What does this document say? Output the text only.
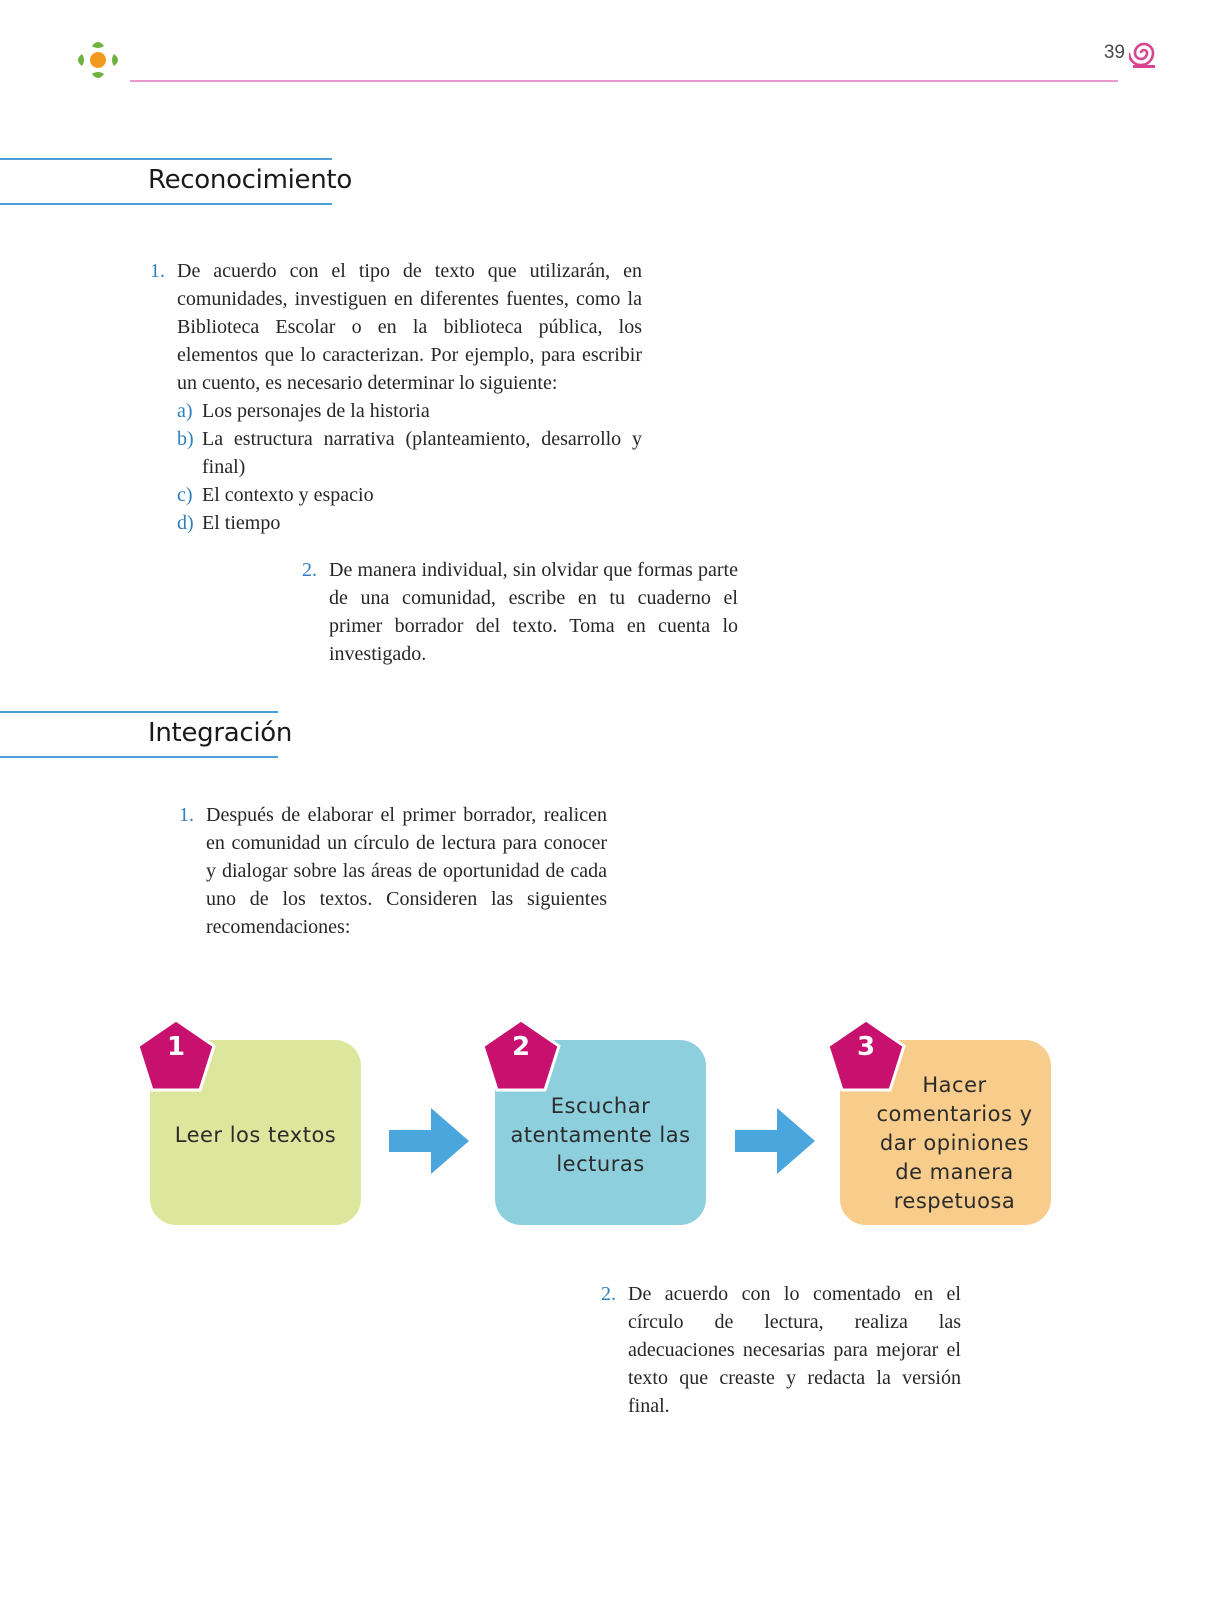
39
Reconocimiento
1. De acuerdo con el tipo de texto que utilizarán, en comunidades, investiguen en diferentes fuentes, como la Biblioteca Escolar o en la biblioteca pública, los elementos que lo caracterizan. Por ejemplo, para escribir un cuento, es necesario determinar lo siguiente:
a) Los personajes de la historia
b) La estructura narrativa (planteamiento, desarrollo y final)
c) El contexto y espacio
d) El tiempo
2. De manera individual, sin olvidar que formas parte de una comunidad, escribe en tu cuaderno el primer borrador del texto. Toma en cuenta lo investigado.
Integración
1. Después de elaborar el primer borrador, realicen en comunidad un círculo de lectura para conocer y dialogar sobre las áreas de oportunidad de cada uno de los textos. Consideren las siguientes recomendaciones:
Leer los textos
Escuchar atentamente las lecturas
Hacer comentarios y dar opiniones de manera respetuosa
1	2	3
2. De acuerdo con lo comentado en el círculo de lectura, realiza las adecuaciones necesarias para mejorar el texto que creaste y redacta la versión final.
